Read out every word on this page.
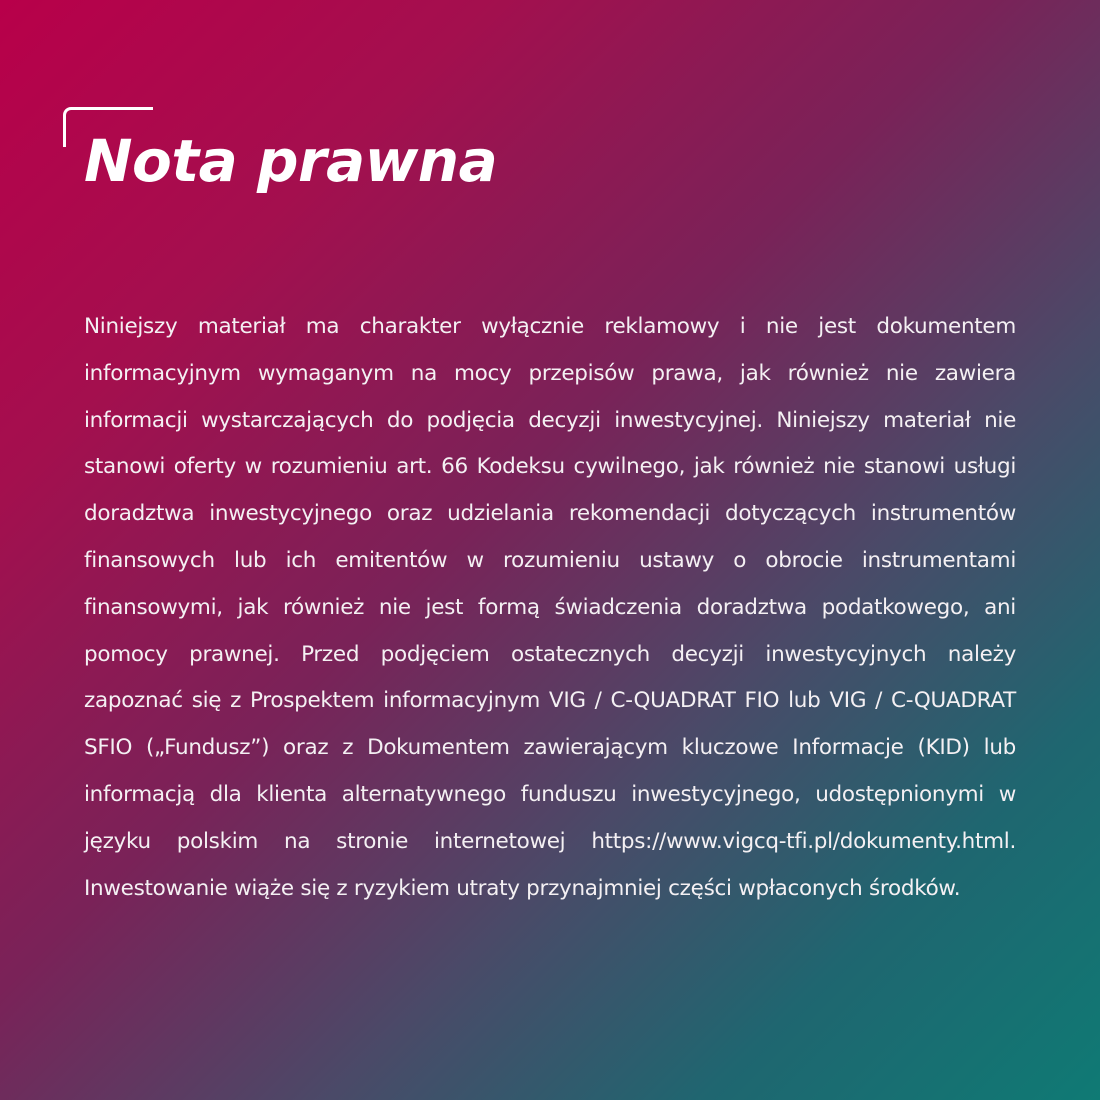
Nota prawna

Niniejszy materiał ma charakter wyłącznie reklamowy i nie jest dokumentem informacyjnym wymaganym na mocy przepisów prawa, jak również nie zawiera informacji wystarczających do podjęcia decyzji inwestycyjnej. Niniejszy materiał nie stanowi oferty w rozumieniu art. 66 Kodeksu cywilnego, jak również nie stanowi usługi doradztwa inwestycyjnego oraz udzielania rekomendacji dotyczących instrumentów finansowych lub ich emitentów w rozumieniu ustawy o obrocie instrumentami finansowymi, jak również nie jest formą świadczenia doradztwa podatkowego, ani pomocy prawnej. Przed podjęciem ostatecznych decyzji inwestycyjnych należy zapoznać się z Prospektem informacyjnym VIG / C-QUADRAT FIO lub VIG / C-QUADRAT SFIO („Fundusz”) oraz z Dokumentem zawierającym kluczowe Informacje (KID) lub informacją dla klienta alternatywnego funduszu inwestycyjnego, udostępnionymi w języku polskim na stronie internetowej https://www.vigcq-tfi.pl/dokumenty.html. Inwestowanie wiąże się z ryzykiem utraty przynajmniej części wpłaconych środków.
